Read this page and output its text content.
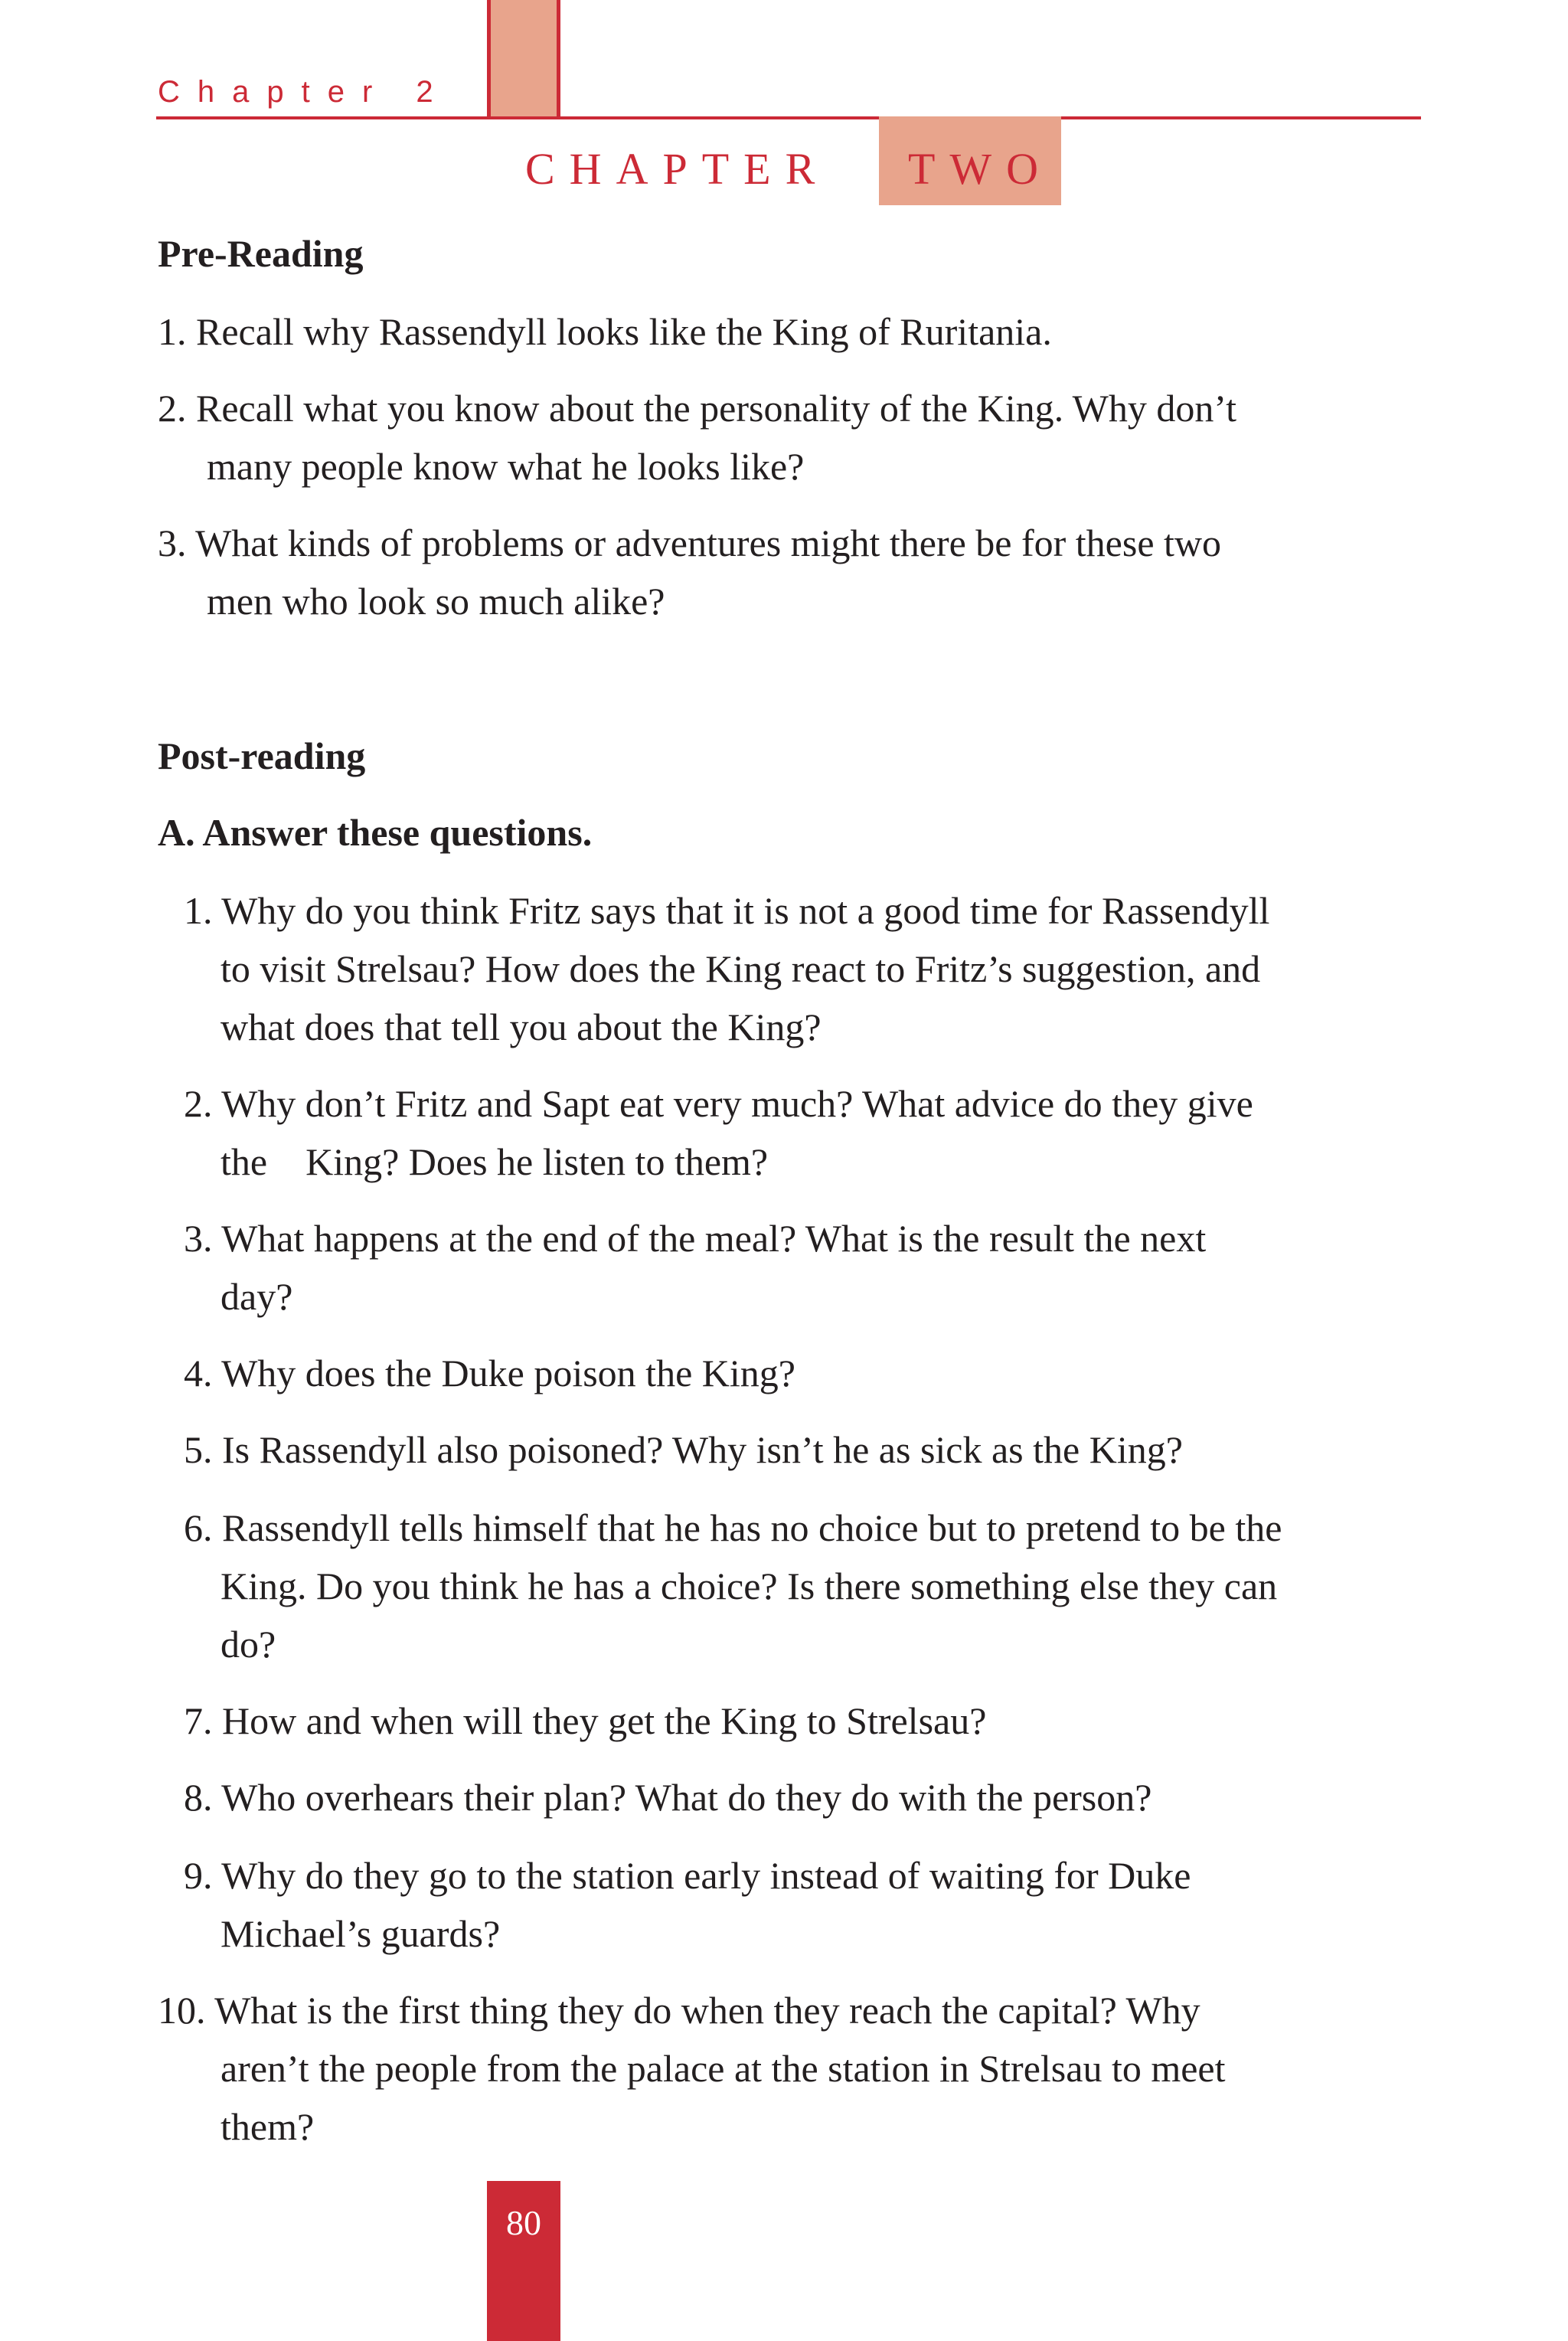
Chapter 2
CHAPTER TWO
Pre-Reading
1. Recall why Rassendyll looks like the King of Ruritania.
2. Recall what you know about the personality of the King. Why don’t
many people know what he looks like?
3. What kinds of problems or adventures might there be for these two
men who look so much alike?
Post-reading
A. Answer these questions.
1. Why do you think Fritz says that it is not a good time for Rassendyll
to visit Strelsau? How does the King react to Fritz’s suggestion, and
what does that tell you about the King?
2. Why don’t Fritz and Sapt eat very much? What advice do they give
the    King? Does he listen to them?
3. What happens at the end of the meal? What is the result the next
day?
4. Why does the Duke poison the King?
5. Is Rassendyll also poisoned? Why isn’t he as sick as the King?
6. Rassendyll tells himself that he has no choice but to pretend to be the
King. Do you think he has a choice? Is there something else they can
do?
7. How and when will they get the King to Strelsau?
8. Who overhears their plan? What do they do with the person?
9. Why do they go to the station early instead of waiting for Duke
Michael’s guards?
10. What is the first thing they do when they reach the capital? Why
aren’t the people from the palace at the station in Strelsau to meet
them?
80
